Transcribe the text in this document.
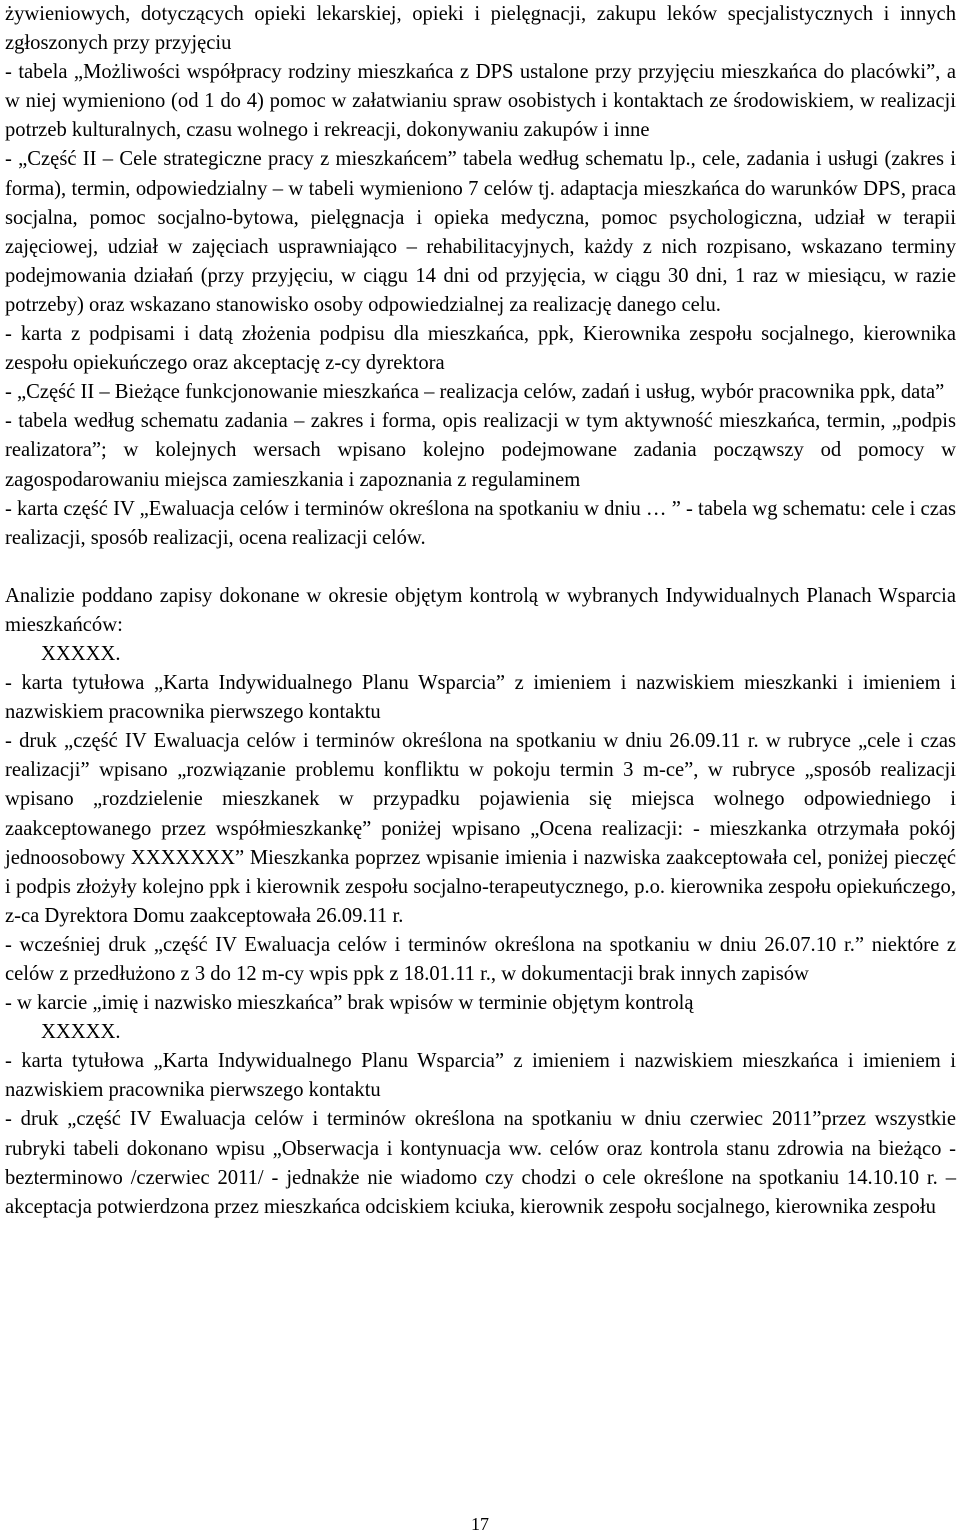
żywieniowych, dotyczących opieki lekarskiej, opieki i pielęgnacji, zakupu leków specjalistycznych i innych zgłoszonych przy przyjęciu

- tabela „Możliwości współpracy rodziny mieszkańca z DPS ustalone przy przyjęciu mieszkańca do placówki”, a w niej wymieniono (od 1 do 4) pomoc w załatwianiu spraw osobistych i kontaktach ze środowiskiem, w realizacji potrzeb kulturalnych, czasu wolnego i rekreacji, dokonywaniu zakupów i inne

- „Część II – Cele strategiczne pracy z mieszkańcem” tabela według schematu lp., cele, zadania i usługi (zakres i forma), termin, odpowiedzialny – w tabeli wymieniono 7 celów tj. adaptacja mieszkańca do warunków DPS, praca socjalna, pomoc socjalno-bytowa, pielęgnacja i opieka medyczna, pomoc psychologiczna, udział w terapii zajęciowej, udział w zajęciach usprawniająco – rehabilitacyjnych, każdy z nich rozpisano, wskazano terminy podejmowania działań (przy przyjęciu, w ciągu 14 dni od przyjęcia, w ciągu 30 dni, 1 raz w miesiącu, w razie potrzeby) oraz wskazano stanowisko osoby odpowiedzialnej za realizację danego celu.

- karta z podpisami i datą złożenia podpisu dla mieszkańca, ppk, Kierownika zespołu socjalnego, kierownika zespołu opiekuńczego oraz akceptację z-cy dyrektora

- „Część II – Bieżące funkcjonowanie mieszkańca – realizacja celów, zadań i usług, wybór pracownika ppk, data”

- tabela według schematu zadania – zakres i forma, opis realizacji w tym aktywność mieszkańca, termin, „podpis realizatora”; w kolejnych wersach wpisano kolejno podejmowane zadania począwszy od pomocy w zagospodarowaniu miejsca zamieszkania i zapoznania z regulaminem

- karta część IV „Ewaluacja celów i terminów określona na spotkaniu w dniu … ” - tabela wg schematu: cele i czas realizacji, sposób realizacji, ocena realizacji celów.

Analizie poddano zapisy dokonane w okresie objętym kontrolą w wybranych Indywidualnych Planach Wsparcia mieszkańców:

XXXXX.

- karta tytułowa „Karta Indywidualnego Planu Wsparcia” z imieniem i nazwiskiem mieszkanki i imieniem i nazwiskiem pracownika pierwszego kontaktu

- druk „część IV Ewaluacja celów i terminów określona na spotkaniu w dniu 26.09.11 r. w rubryce „cele i czas realizacji” wpisano „rozwiązanie problemu konfliktu w pokoju termin 3 m-ce”, w rubryce „sposób realizacji wpisano „rozdzielenie mieszkanek w przypadku pojawienia się miejsca wolnego odpowiedniego i zaakceptowanego przez współmieszkankę” poniżej wpisano „Ocena realizacji: - mieszkanka otrzymała pokój jednoosobowy XXXXXXX” Mieszkanka poprzez wpisanie imienia i nazwiska zaakceptowała cel, poniżej pieczęć i podpis złożyły kolejno ppk i kierownik zespołu socjalno-terapeutycznego, p.o. kierownika zespołu opiekuńczego, z-ca Dyrektora Domu zaakceptowała 26.09.11 r.

- wcześniej druk „część IV Ewaluacja celów i terminów określona na spotkaniu w dniu 26.07.10 r.” niektóre z celów z przedłużono z 3 do 12 m-cy wpis ppk z 18.01.11 r., w dokumentacji brak innych zapisów

- w karcie „imię i nazwisko mieszkańca” brak wpisów w terminie objętym kontrolą

XXXXX.

- karta tytułowa „Karta Indywidualnego Planu Wsparcia” z imieniem i nazwiskiem mieszkańca i imieniem i nazwiskiem pracownika pierwszego kontaktu

- druk „część IV Ewaluacja celów i terminów określona na spotkaniu w dniu czerwiec 2011”przez wszystkie rubryki tabeli dokonano wpisu „Obserwacja i kontynuacja ww. celów oraz kontrola stanu zdrowia na bieżąco - bezterminowo /czerwiec 2011/ - jednakże nie wiadomo czy chodzi o cele określone na spotkaniu 14.10.10 r. – akceptacja potwierdzona przez mieszkańca odciskiem kciuka, kierownik zespołu socjalnego, kierownika zespołu

17
